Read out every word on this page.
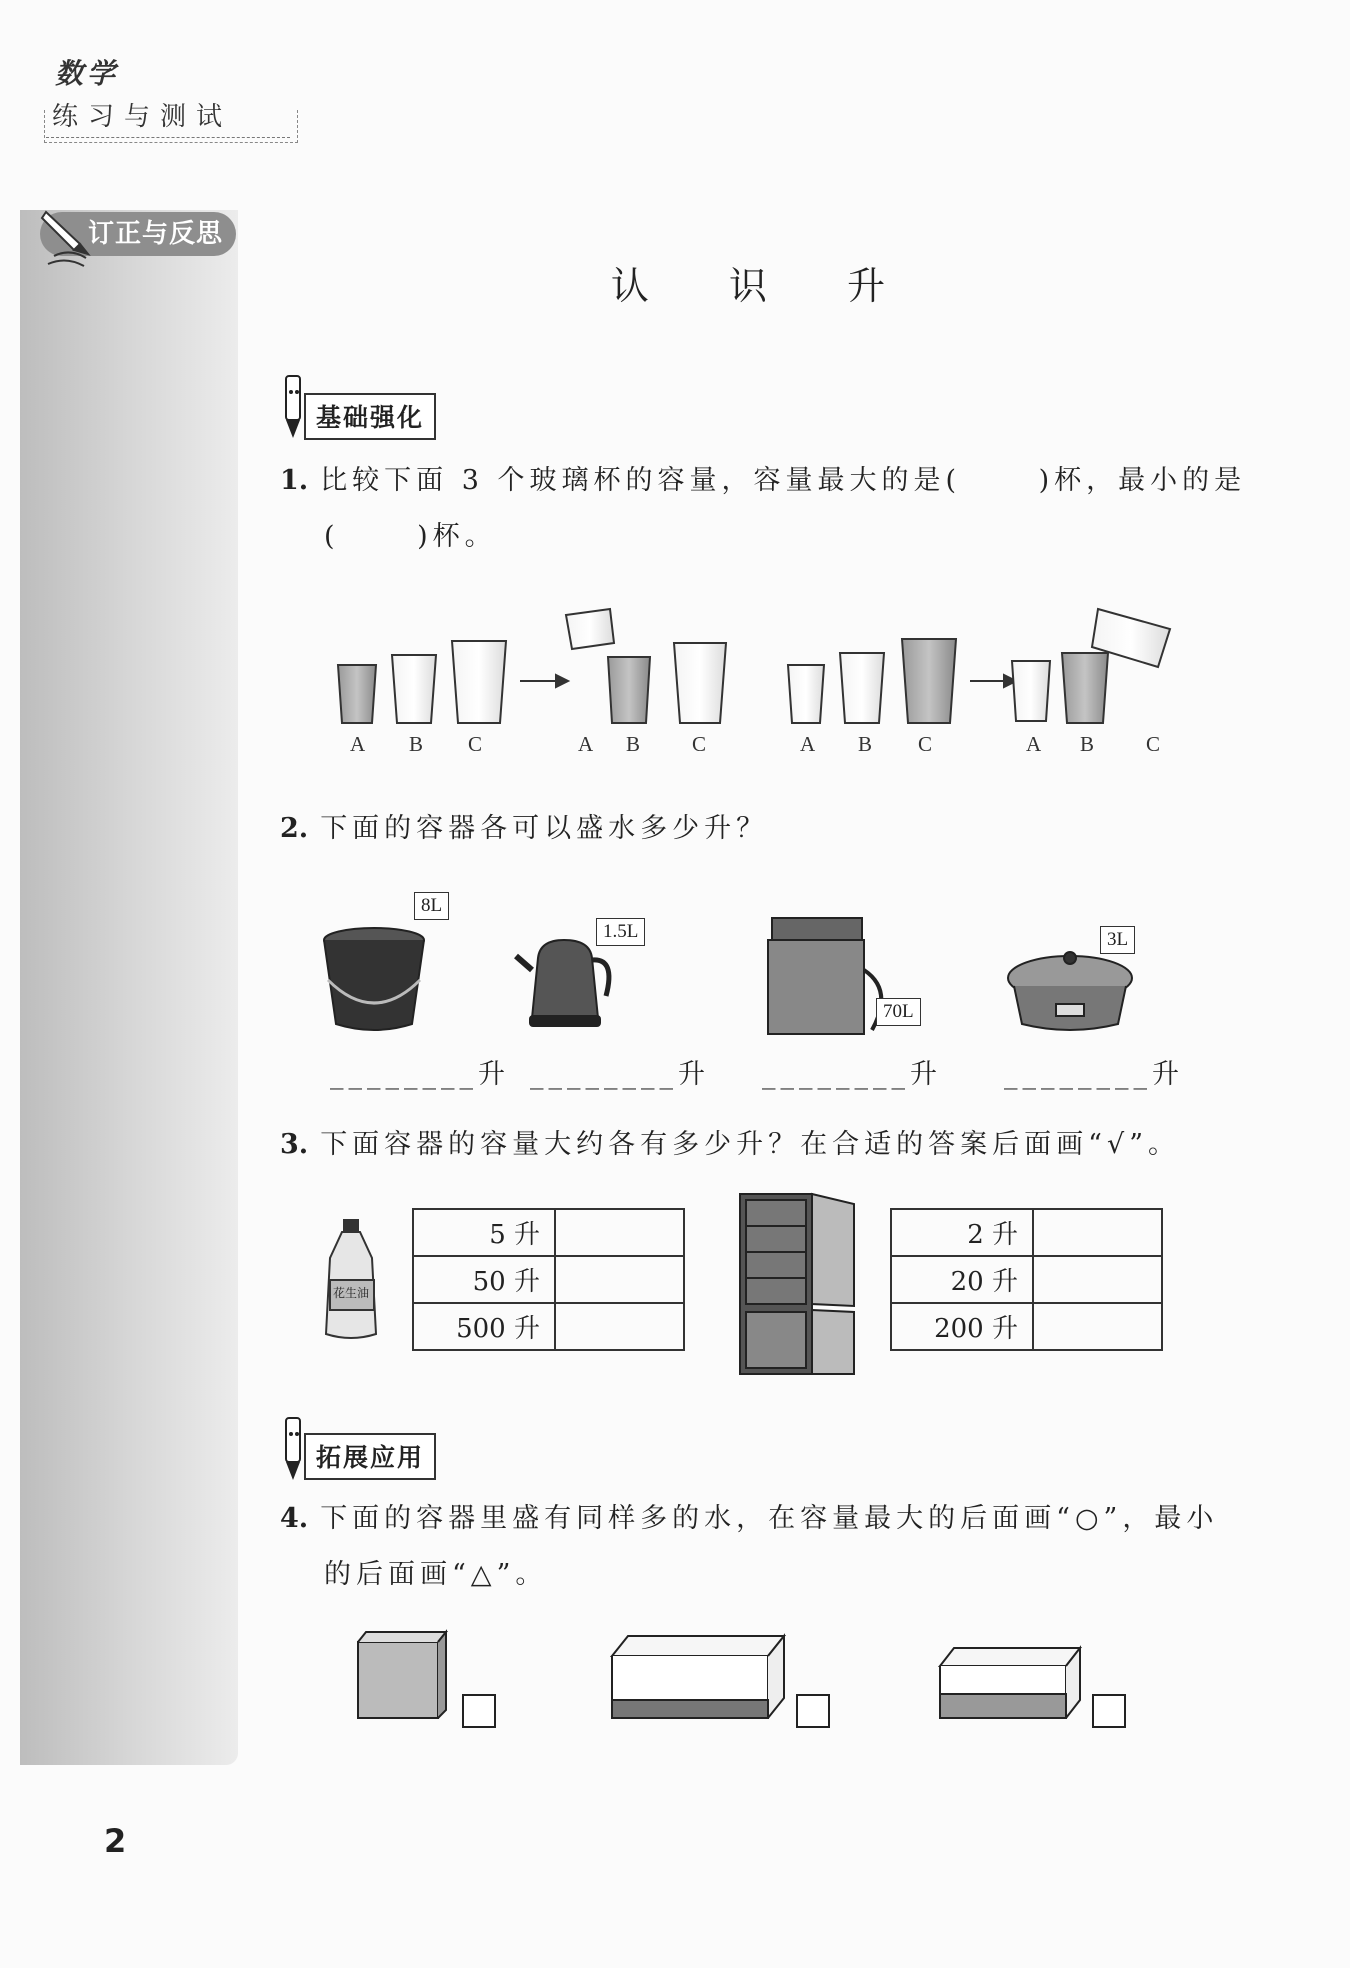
数学
练习与测试
订正与反思
认 识 升
基础强化
1. 比较下面 3 个玻璃杯的容量，容量最大的是(　　 )杯，最小的是
(　　 )杯。
A B C	A B C	A B C	A B C
2. 下面的容器各可以盛水多少升？
8L
1.5L
70L
3L
________升 ________升 ________升 ________升
3. 下面容器的容量大约各有多少升？在合适的答案后面画“√”。
花生油
5 升	
50 升	
500 升	
2 升	
20 升	
200 升	
拓展应用
4. 下面的容器里盛有同样多的水，在容量最大的后面画“○”，最小
的后面画“△”。
2
